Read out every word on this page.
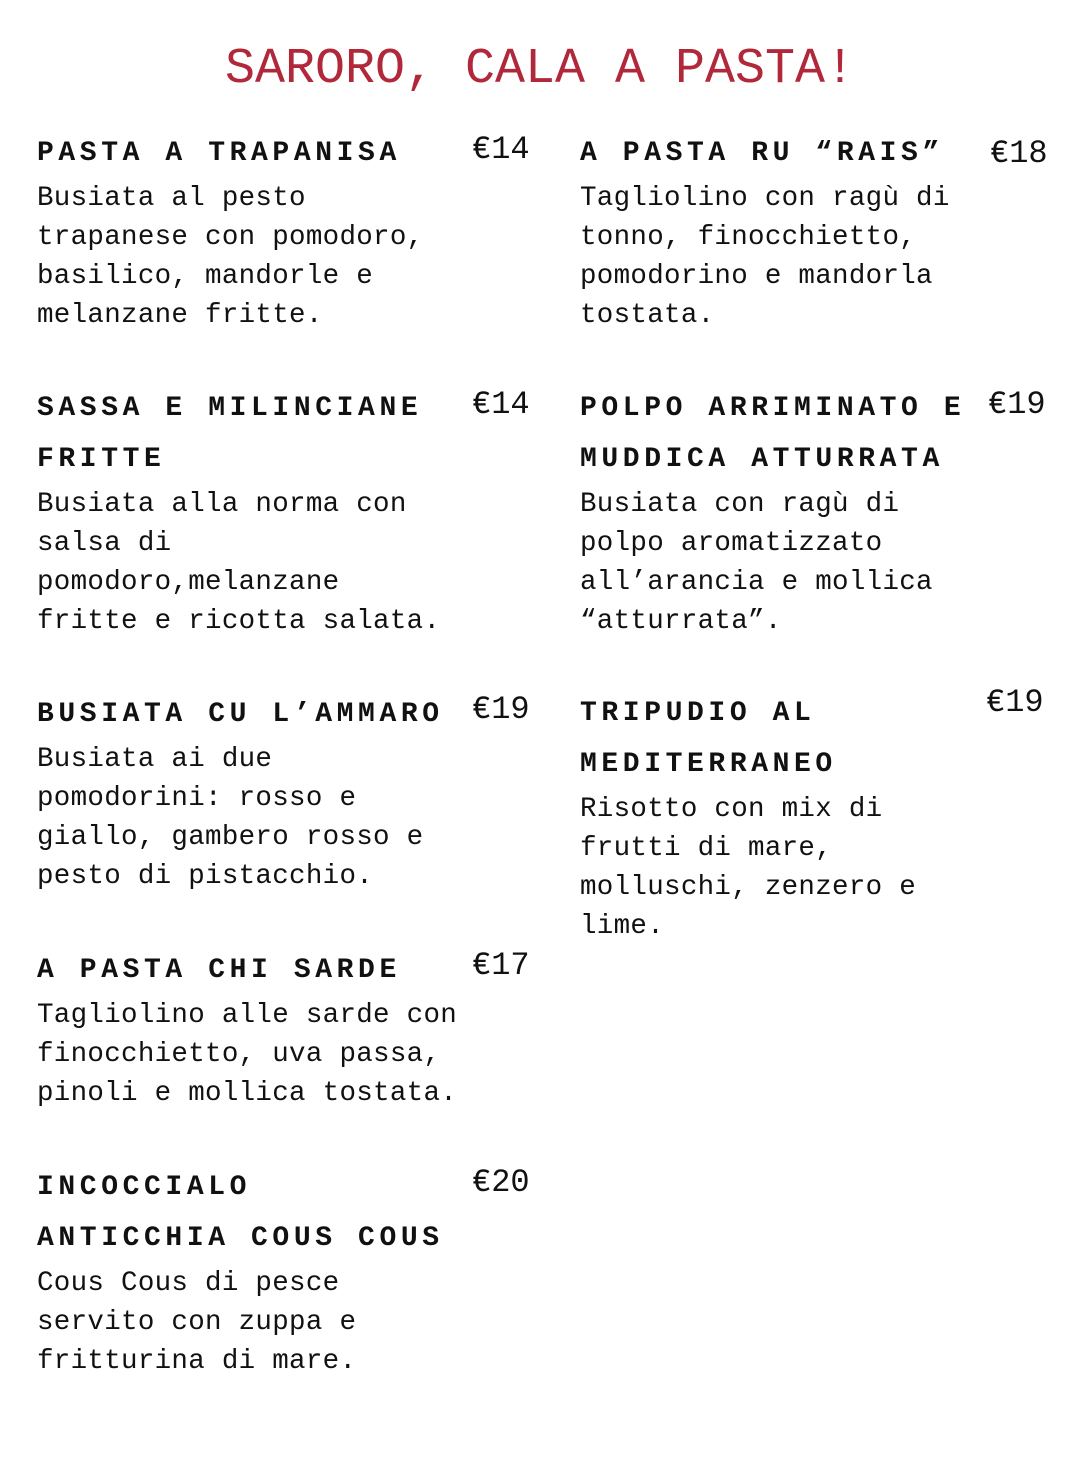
SARORO, CALA A PASTA!
PASTA A TRAPANISA
Busiata al pesto trapanese con pomodoro, basilico, mandorle e melanzane fritte.
€14
SASSA E MILINCIANE FRITTE
Busiata alla norma con salsa di pomodoro,melanzane fritte e ricotta salata.
€14
BUSIATA CU L’AMMARO
Busiata ai due pomodorini: rosso e giallo, gambero rosso e pesto di pistacchio.
€19
A PASTA CHI SARDE
Tagliolino alle sarde con finocchietto, uva passa, pinoli e mollica tostata.
€17
INCOCCIALO ANTICCHIA COUS COUS
Cous Cous di pesce servito con zuppa e fritturina di mare.
€20
A PASTA RU “RAIS”
Tagliolino con ragù di tonno, finocchietto, pomodorino e mandorla tostata.
€18
POLPO ARRIMINATO E MUDDICA ATTURRATA
Busiata con ragù di polpo aromatizzato all’arancia e mollica “atturrata”.
€19
TRIPUDIO AL MEDITERRANEO
Risotto con mix di frutti di mare, molluschi, zenzero e lime.
€19
